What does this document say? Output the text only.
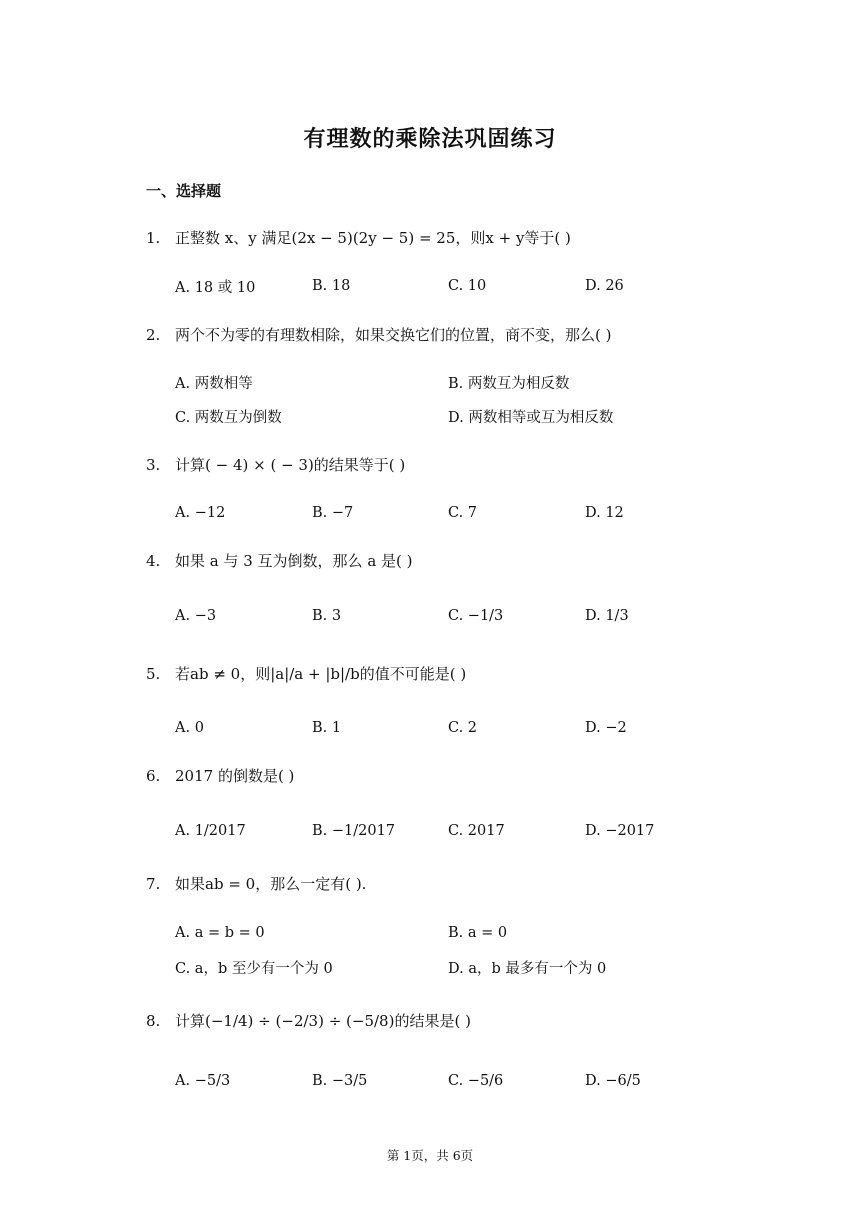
有理数的乘除法巩固练习
一、选择题
1. 正整数 x、y 满足(2x − 5)(2y − 5) = 25，则x + y等于( )
A. 18 或 10	B. 18	C. 10	D. 26
2. 两个不为零的有理数相除，如果交换它们的位置，商不变，那么( )
A. 两数相等	B. 两数互为相反数
C. 两数互为倒数	D. 两数相等或互为相反数
3. 计算( − 4) × ( − 3)的结果等于( )
A. −12	B. −7	C. 7	D. 12
4. 如果 a 与 3 互为倒数，那么 a 是( )
A. −3	B. 3	C. −1/3	D. 1/3
5. 若ab ≠ 0，则|a|/a + |b|/b的值不可能是( )
A. 0	B. 1	C. 2	D. −2
6. 2017 的倒数是( )
A. 1/2017	B. −1/2017	C. 2017	D. −2017
7. 如果ab = 0，那么一定有( ).
A. a = b = 0	B. a = 0
C. a，b 至少有一个为 0	D. a，b 最多有一个为 0
8. 计算(−1/4) ÷ (−2/3) ÷ (−5/8)的结果是( )
A. −5/3	B. −3/5	C. −5/6	D. −6/5
第 1页，共 6页
